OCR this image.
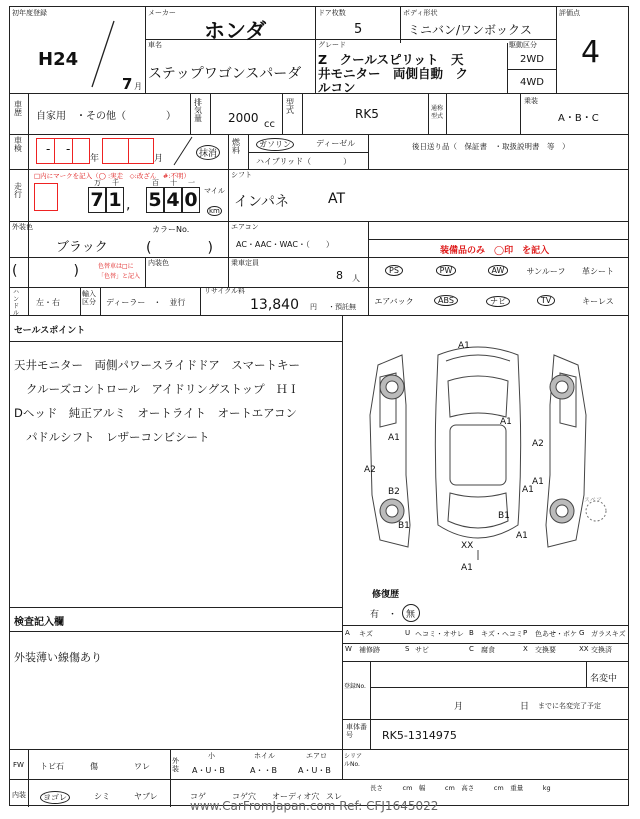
初年度登録
H24
7 月
メーカー
ホンダ
車名
ステップワゴンスパーダ
ドア枚数
5
ボディ形状
ミニバン/ワンボックス
グレード
Z　クールスピリット　天
井モニター　両側自動　ク
ルコン
駆動区分
2WD
4WD
評価点
4
車歴 自家用　・その他（　　　　）
排気量 2000 cc
型式	RK5	通称型式
乗装
A・B・C
車検 - -
年	月	抹消
燃料
ガソリン	ディーゼル
ハイブリッド（　　　　）
後日送り品（　保証書　・取扱説明書　等　）
走行
□内にマークを記入（◯ :実走　◇:改ざん　#:不明）
万 千	百 十 一
7 1 , 5 4 0 マイル
km
シフト
インパネ	AT
エアコン
AC・AAC・WAC・（　　）
外装色
ブラック
カラーNo.
(　　　　)
(　　　　)	色替車は□に
「色替」と記入
内装色	乗車定員
8 人
装備品のみ　◯印　を記入
PS	PW	AW	サンルーフ	革シート
エアバック	ABS	ナビ	TV	キーレス
ハンドル
左・右
輸入区分 ディーラー　・　並行
リサイクル料
13,840 円 ・預託無
セールスポイント
天井モニター　両側パワースライドドア　スマートキー
クルーズコントロール　アイドリングストップ　ＨＩ
Dヘッド　純正アルミ　オートライト　オートエアコン
パドルシフト　レザーコンビシート
A1
A1
A2
A2
B2
B1
XX
A1
A1
A1
B1
A1
A1
スペア
修復歴
有　・　無
検査記入欄
外装薄い線傷あり
A キズ	U ヘコミ・オサレ B キズ・ヘコミ P 色あせ・ボケ G ガラスキズ
W 補修跡	S サビ	C 腐食	X 交換要	XX 交換済
登録No.
名変中
月	日 までに名変完了予定
車体番号	RK5-1314975
FW トビ石	傷	ワレ
外装
小
A・U・B
ホイル
A・・B
エアロ
A・U・B
シリアルNo.
内装	ヨゴレ	シミ	ヤブレ	コゲ	コゲ穴 オーディオ穴 スレ
長さ　　　cm　幅　　　cm　高さ　　　cm　重量　　　kg
www.CarFromJapan.com Ref: CFJ1645022
